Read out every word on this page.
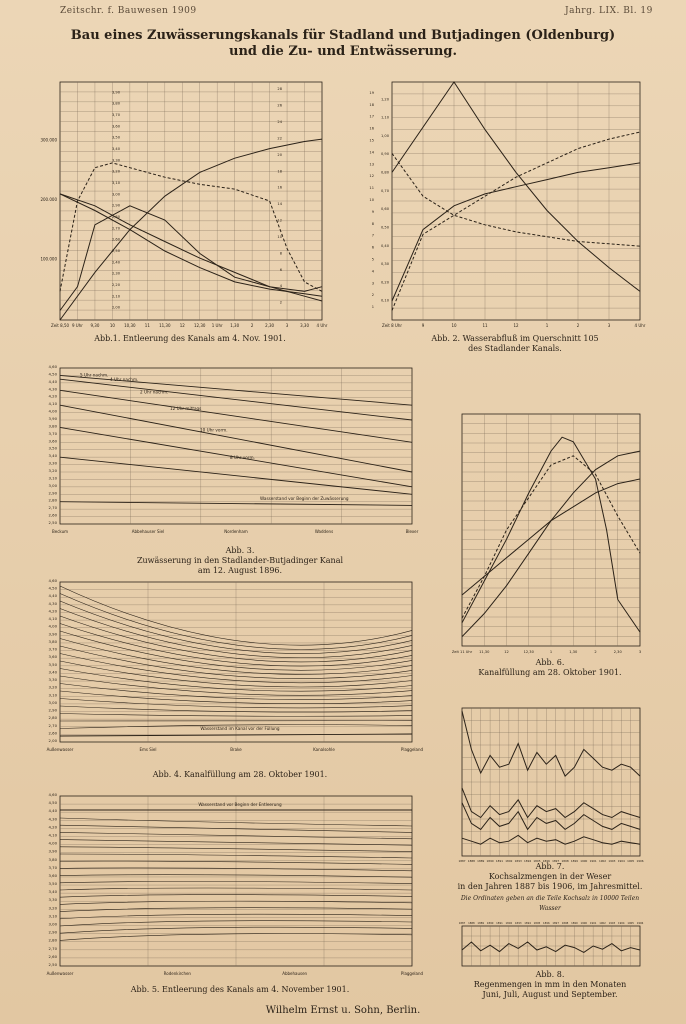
Zeitschr. f. Bauwesen 1909	Jahrg. LIX. Bl. 19
Bau eines Zuwässerungskanals für Stadland und Butjadingen (Oldenburg)
und die Zu- und Entwässerung.
Abb.1. Entleerung des Kanals am 4. Nov. 1901.	Abb. 2. Wasserabfluß im Querschnitt 105
des Stadlander Kanals.
Abb. 3.
Zuwässerung in den Stadlander-Butjadinger Kanal
am 12. August 1896.
Abb. 4. Kanalfüllung am 28. Oktober 1901.
Abb. 5. Entleerung des Kanals am 4. November 1901.
Abb. 6.
Kanalfüllung am 28. Oktober 1901.
Abb. 7.
Kochsalzmengen in der Weser
in den Jahren 1887 bis 1906, im Jahresmittel.
Die Ordinaten geben an die Teile Kochsalz in 10000 Teilen Wasser
Abb. 8.
Regenmengen in mm in den Monaten
Juni, Juli, August und September.
Wilhelm Ernst u. Sohn, Berlin.
Zeit 8,50 9 Uhr 9,30	10 10,30 11 11,30 12 12,30 1 Uhr 1,30	2	2,30	3	3,30 4 Uhr
100.000
200.000
300.000
2,00
2,10
2,20
2,30
2,40
2,50
2,60
2,70
2,80
2,90
3,00
3,10
3,20
3,30
3,40
3,50
3,60
3,70
3,80
3,90
2
4
6
8
10
12
14
16
18
20
22
24
26
28
Zeit 8 Uhr	9	10	11	12	1	2	3	4 Uhr
0,10
0,20
0,30
0,40
0,50
0,60
0,70
0,80
0,90
1,00
1,10
1,20
1
2
3
4
5
6
7
8
9
10
11
12
13
14
15
16
17
18
19
5 Uhr nachm.
4 Uhr nachm.
2 Uhr nachm.
12 Uhr mittags
10 Uhr vorm.
8 Uhr vorm.
Wasserstand vor Beginn der Zuwässerung
2,50
2,60
2,70
2,80
2,90
3,00
3,10
3,20
3,30
3,40
3,50
3,60
3,70
3,80
3,90
4,00
4,10
4,20
4,30
4,40
4,50
4,60
Beckum	Abbehauser Siel	Nordenham	Waddens	Blexer
Wasserstand im Kanal vor der Füllung
2,00
2,60
2,70
2,80
2,90
3,00
3,10
3,20
3,30
3,40
3,50
3,60
3,70
3,80
3,90
4,00
4,10
4,20
4,30
4,40
4,50
4,60
Außenwasser	Ems Siel	Brake	Kanalsohle	Plaggeland
Wasserstand vor Beginn der Entleerung
2,50
2,60
2,70
2,80
2,90
3,00
3,10
3,20
3,30
3,40
3,50
3,60
3,70
3,80
3,90
4,00
4,10
4,20
4,30
4,40
4,50
4,60
Außenwasser	Rodenkirchen	Abbehausen	Plaggeland
Zeit 11 Uhr 11,30	12	12,30	1	1,30	2	2,30	3
1887 1888 1889 1890 1891 1892 1893 1894 1895 1896 1897 1898 1899 1900 1901 1902 1903 1904 1905 1906
1887 1888 1889 1890 1891 1892 1893 1894 1895 1896 1897 1898 1899 1900 1901 1902 1903 1904 1905 1906
